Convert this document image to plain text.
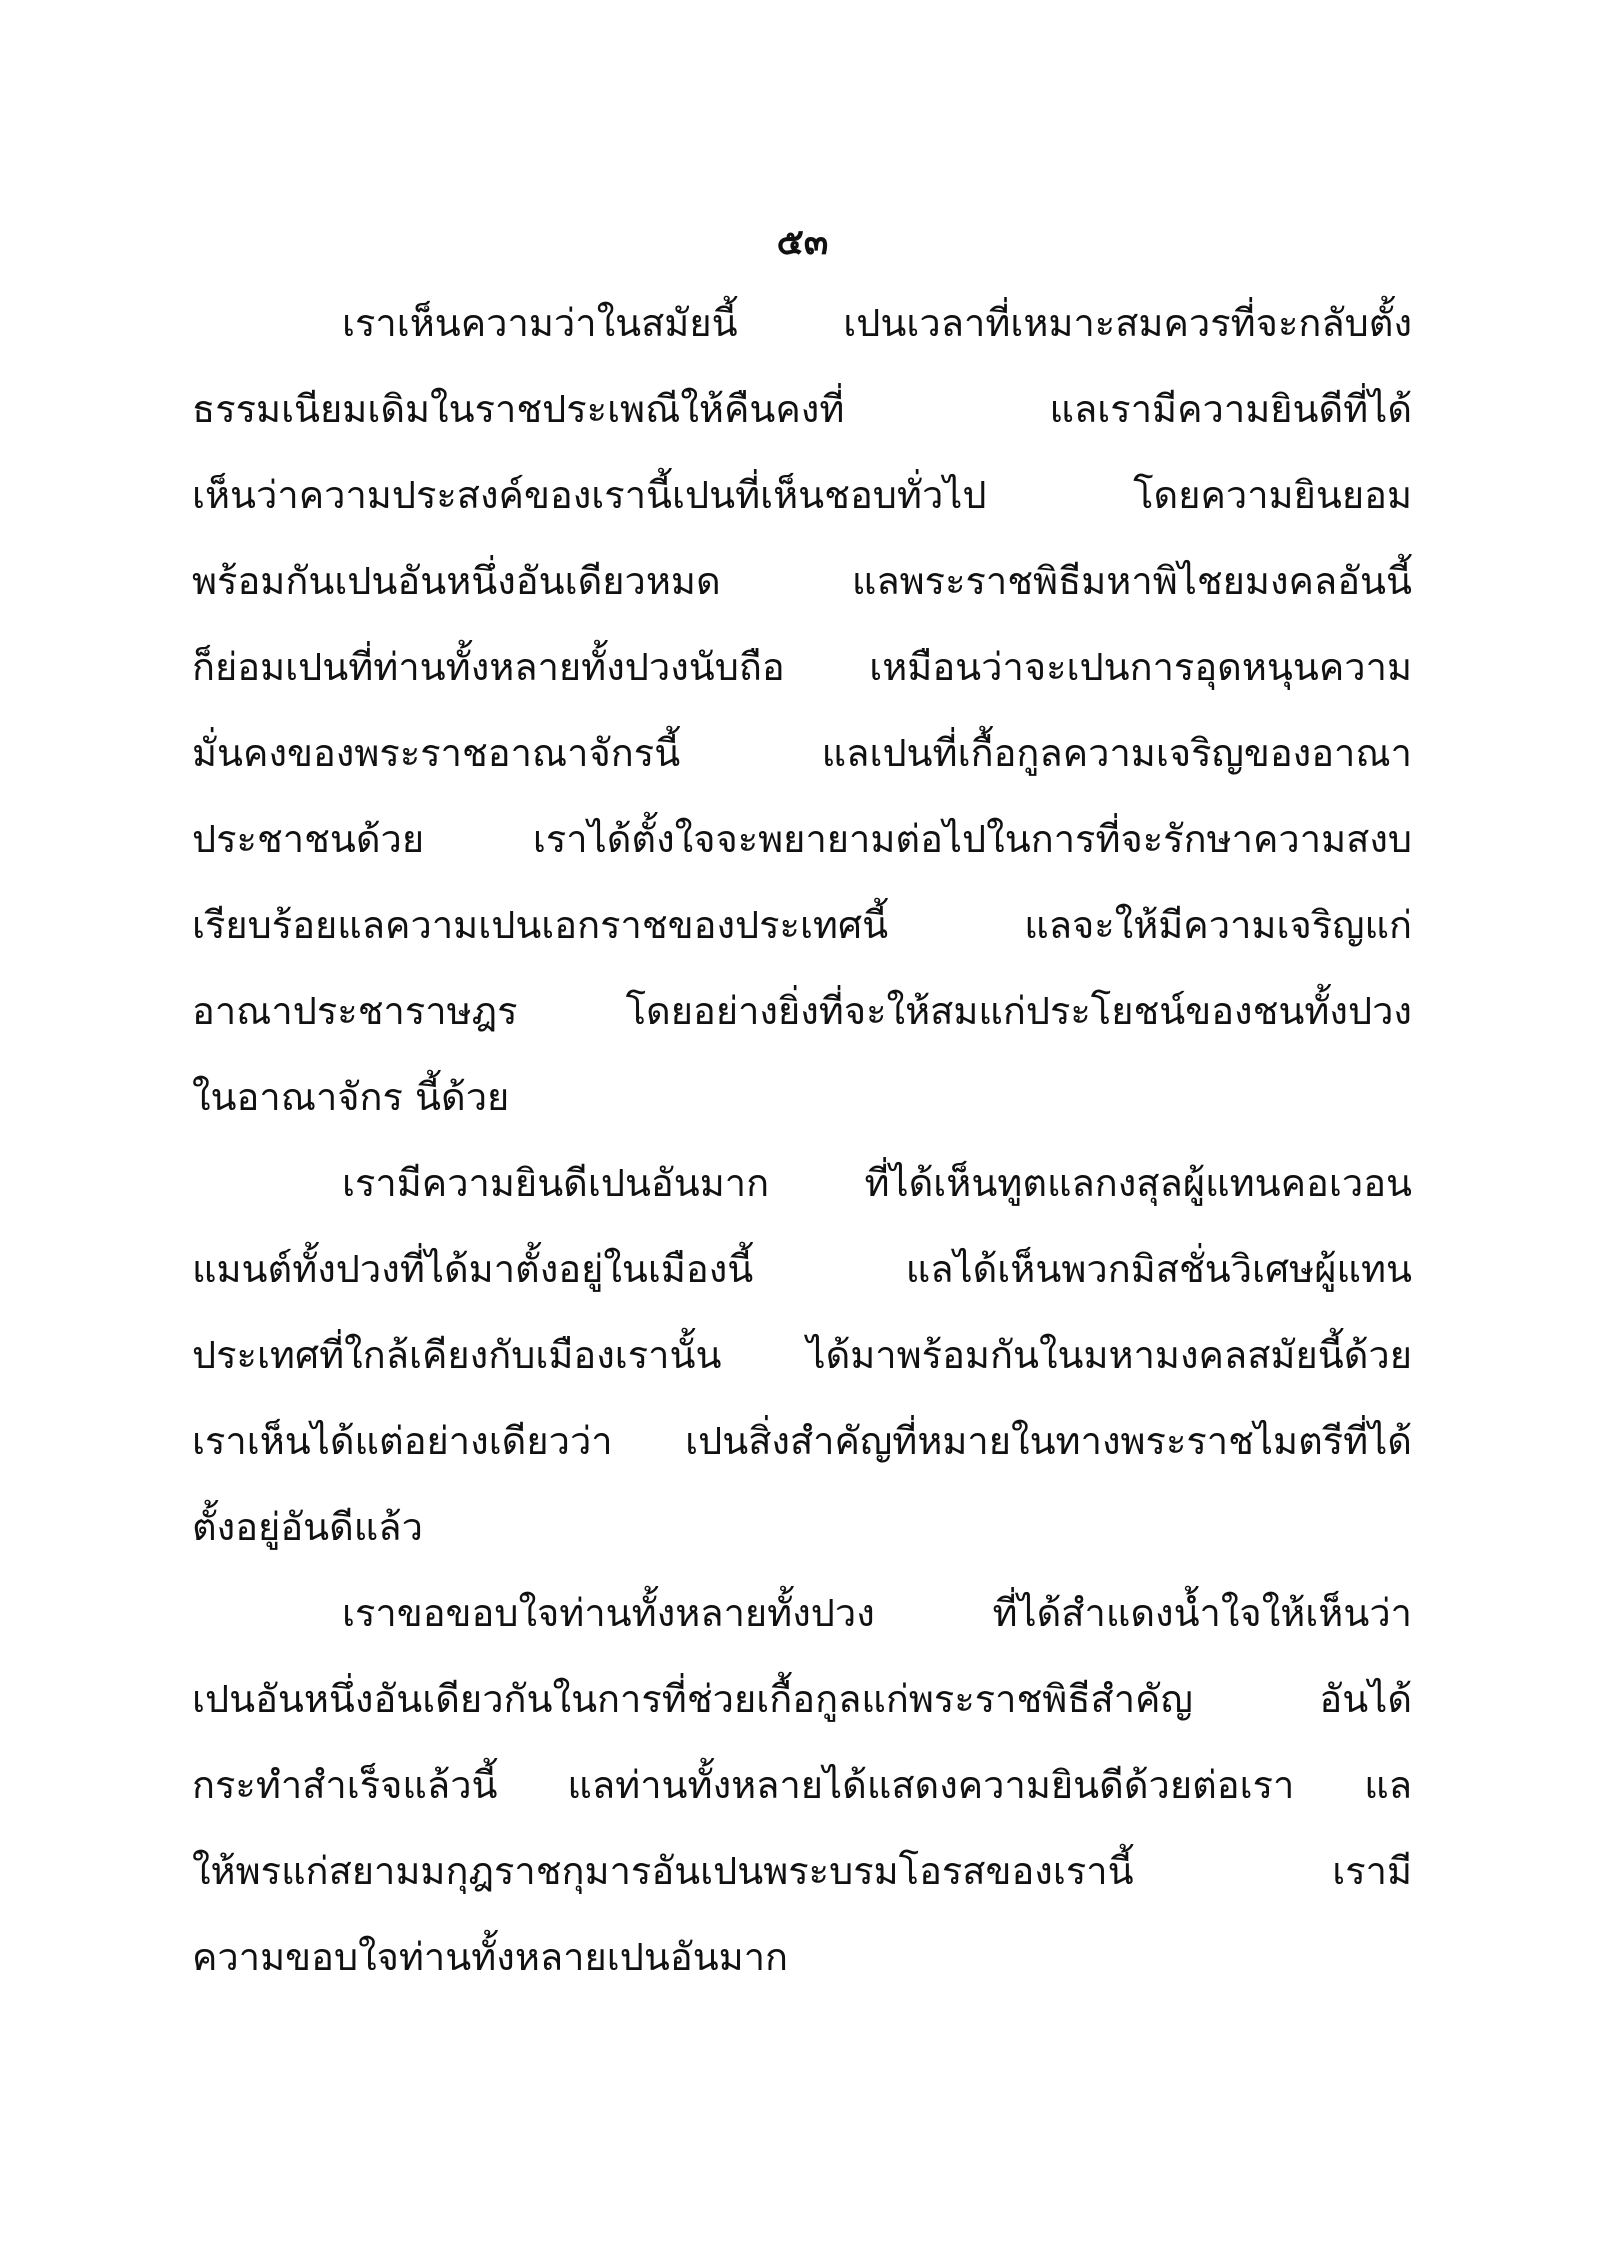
๕๓
เราเห็นความว่าในสมัยนี้	เปนเวลาที่เหมาะสมควรที่จะกลับตั้ง
ธรรมเนียมเดิมในราชประเพณีให้คืนคงที่	แลเรามีความยินดีที่ได้
เห็นว่าความประสงค์ของเรานี้เปนที่เห็นชอบทั่วไป	โดยความยินยอม
พร้อมกันเปนอันหนึ่งอันเดียวหมด	แลพระราชพิธีมหาพิไชยมงคลอันนี้
ก็ย่อมเปนที่ท่านทั้งหลายทั้งปวงนับถือ เหมือนว่าจะเปนการอุดหนุนความ
มั่นคงของพระราชอาณาจักรนี้	แลเปนที่เกื้อกูลความเจริญของอาณา
ประชาชนด้วย	เราได้ตั้งใจจะพยายามต่อไปในการที่จะรักษาความสงบ
เรียบร้อยแลความเปนเอกราชของประเทศนี้	แลจะให้มีความเจริญแก่
อาณาประชาราษฎร	โดยอย่างยิ่งที่จะให้สมแก่ประโยชน์ของชนทั้งปวง
ในอาณาจักร นี้ด้วย
เรามีความยินดีเปนอันมาก	ที่ได้เห็นทูตแลกงสุลผู้แทนคอเวอน
แมนต์ทั้งปวงที่ได้มาตั้งอยู่ในเมืองนี้	แลได้เห็นพวกมิสชั่นวิเศษผู้แทน
ประเทศที่ใกล้เคียงกับเมืองเรานั้น ได้มาพร้อมกันในมหามงคลสมัยนี้ด้วย
เราเห็นได้แต่อย่างเดียวว่า เปนสิ่งสำคัญที่หมายในทางพระราชไมตรีที่ได้
ตั้งอยู่อันดีแล้ว
เราขอขอบใจท่านทั้งหลายทั้งปวง	ที่ได้สำแดงน้ำใจให้เห็นว่า
เปนอันหนึ่งอันเดียวกันในการที่ช่วยเกื้อกูลแก่พระราชพิธีสำคัญ	อันได้
กระทำสำเร็จแล้วนี้ แลท่านทั้งหลายได้แสดงความยินดีด้วยต่อเรา แล
ให้พรแก่สยามมกุฎราชกุมารอันเปนพระบรมโอรสของเรานี้	เรามี
ความขอบใจท่านทั้งหลายเปนอันมาก
